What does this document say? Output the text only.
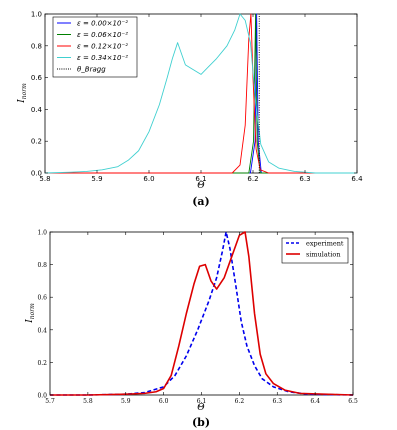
5.8	5.9	6.0	6.1	6.2	6.3	6.4
0.0
0.2
0.4
0.6
0.8
1.0
Θ
$I_{norm}$
ε = 0.00×10⁻²
ε = 0.06×10⁻²
ε = 0.12×10⁻²
ε = 0.34×10⁻²
θ_Bragg
(a)
5.7	5.8	5.9	6.0	6.1	6.2	6.3	6.4	6.5
0.0
0.2
0.4
0.6
0.8
1.0
Θ
$I_{norm}$
experiment
simulation
(b)
